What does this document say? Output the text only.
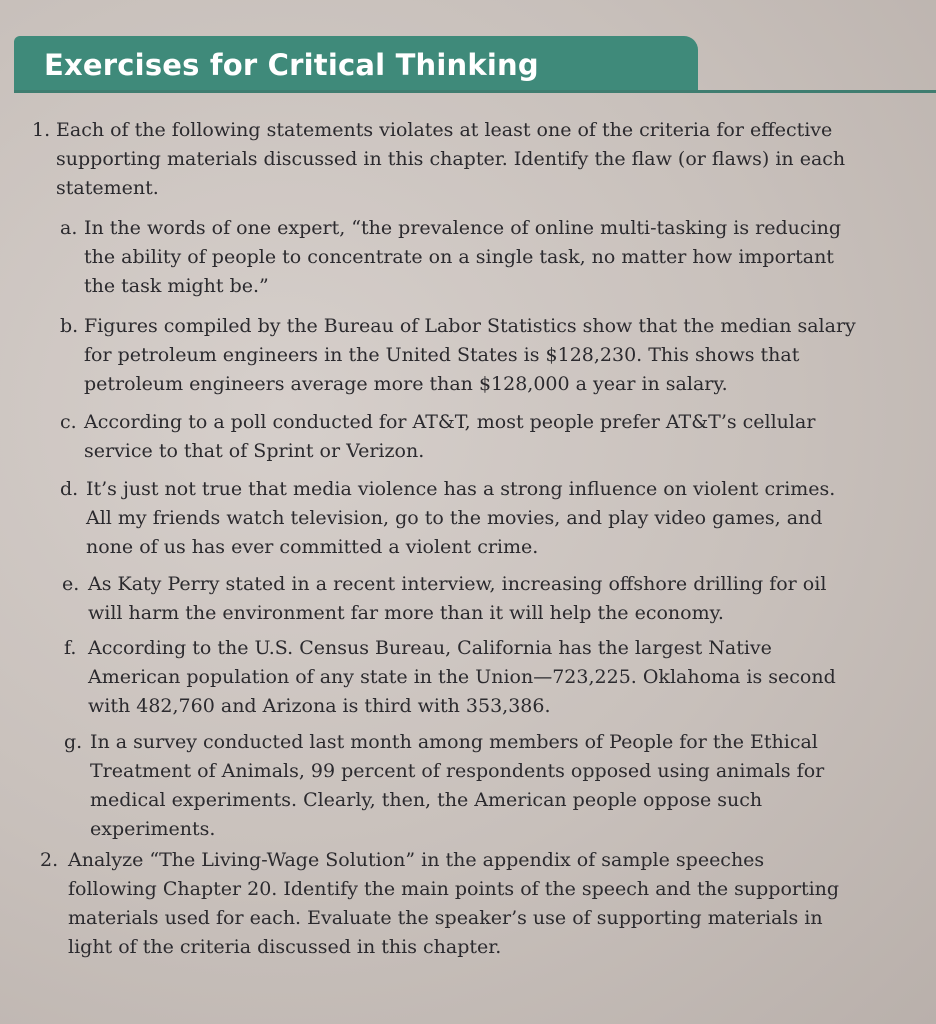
Exercises for Critical Thinking
1. Each of the following statements violates at least one of the criteria for effective supporting materials discussed in this chapter. Identify the flaw (or flaws) in each statement.
a. In the words of one expert, “the prevalence of online multi-tasking is reducing the ability of people to concentrate on a single task, no matter how important the task might be.”
b. Figures compiled by the Bureau of Labor Statistics show that the median salary for petroleum engineers in the United States is $128,230. This shows that petroleum engineers average more than $128,000 a year in salary.
c. According to a poll conducted for AT&T, most people prefer AT&T’s cellular service to that of Sprint or Verizon.
d. It’s just not true that media violence has a strong influence on violent crimes. All my friends watch television, go to the movies, and play video games, and none of us has ever committed a violent crime.
e. As Katy Perry stated in a recent interview, increasing offshore drilling for oil will harm the environment far more than it will help the economy.
f. According to the U.S. Census Bureau, California has the largest Native American population of any state in the Union—723,225. Oklahoma is second with 482,760 and Arizona is third with 353,386.
g. In a survey conducted last month among members of People for the Ethical Treatment of Animals, 99 percent of respondents opposed using animals for medical experiments. Clearly, then, the American people oppose such experiments.
2. Analyze “The Living-Wage Solution” in the appendix of sample speeches following Chapter 20. Identify the main points of the speech and the supporting materials used for each. Evaluate the speaker’s use of supporting materials in light of the criteria discussed in this chapter.
